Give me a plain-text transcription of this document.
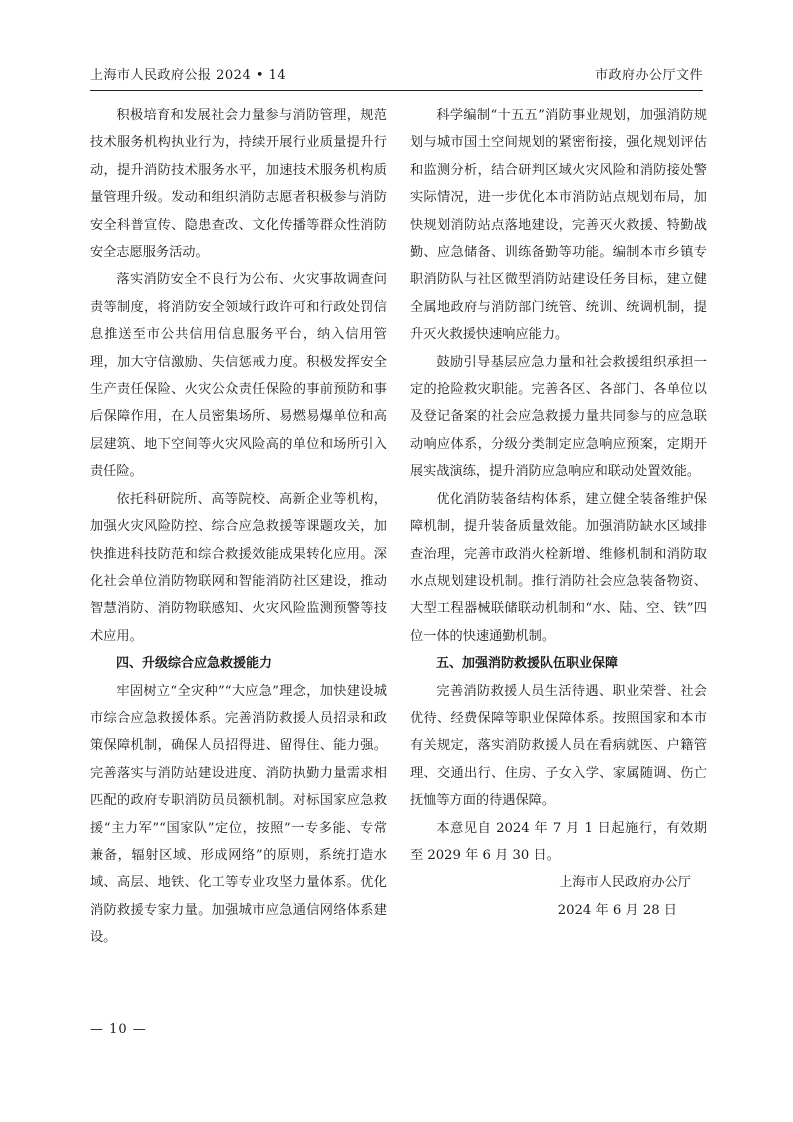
上海市人民政府公报 2024 • 14	市政府办公厅文件

积极培育和发展社会力量参与消防管理，规范技术服务机构执业行为，持续开展行业质量提升行动，提升消防技术服务水平，加速技术服务机构质量管理升级。发动和组织消防志愿者积极参与消防安全科普宣传、隐患查改、文化传播等群众性消防安全志愿服务活动。

落实消防安全不良行为公布、火灾事故调查问责等制度，将消防安全领域行政许可和行政处罚信息推送至市公共信用信息服务平台，纳入信用管理，加大守信激励、失信惩戒力度。积极发挥安全生产责任保险、火灾公众责任保险的事前预防和事后保障作用，在人员密集场所、易燃易爆单位和高层建筑、地下空间等火灾风险高的单位和场所引入责任险。

依托科研院所、高等院校、高新企业等机构，加强火灾风险防控、综合应急救援等课题攻关，加快推进科技防范和综合救援效能成果转化应用。深化社会单位消防物联网和智能消防社区建设，推动智慧消防、消防物联感知、火灾风险监测预警等技术应用。

四、升级综合应急救援能力

牢固树立“全灾种”“大应急”理念，加快建设城市综合应急救援体系。完善消防救援人员招录和政策保障机制，确保人员招得进、留得住、能力强。完善落实与消防站建设进度、消防执勤力量需求相匹配的政府专职消防员员额机制。对标国家应急救援“主力军”“国家队”定位，按照“一专多能、专常兼备，辐射区域、形成网络”的原则，系统打造水域、高层、地铁、化工等专业攻坚力量体系。优化消防救援专家力量。加强城市应急通信网络体系建设。

科学编制“十五五”消防事业规划，加强消防规划与城市国土空间规划的紧密衔接，强化规划评估和监测分析，结合研判区域火灾风险和消防接处警实际情况，进一步优化本市消防站点规划布局，加快规划消防站点落地建设，完善灭火救援、特勤战勤、应急储备、训练备勤等功能。编制本市乡镇专职消防队与社区微型消防站建设任务目标，建立健全属地政府与消防部门统管、统训、统调机制，提升灭火救援快速响应能力。

鼓励引导基层应急力量和社会救援组织承担一定的抢险救灾职能。完善各区、各部门、各单位以及登记备案的社会应急救援力量共同参与的应急联动响应体系，分级分类制定应急响应预案，定期开展实战演练，提升消防应急响应和联动处置效能。

优化消防装备结构体系，建立健全装备维护保障机制，提升装备质量效能。加强消防缺水区域排查治理，完善市政消火栓新增、维修机制和消防取水点规划建设机制。推行消防社会应急装备物资、大型工程器械联储联动机制和“水、陆、空、铁”四位一体的快速通勤机制。

五、加强消防救援队伍职业保障

完善消防救援人员生活待遇、职业荣誉、社会优待、经费保障等职业保障体系。按照国家和本市有关规定，落实消防救援人员在看病就医、户籍管理、交通出行、住房、子女入学、家属随调、伤亡抚恤等方面的待遇保障。

本意见自 2024 年 7 月 1 日起施行，有效期至 2029 年 6 月 30 日。

上海市人民政府办公厅

2024 年 6 月 28 日

— 10 —
